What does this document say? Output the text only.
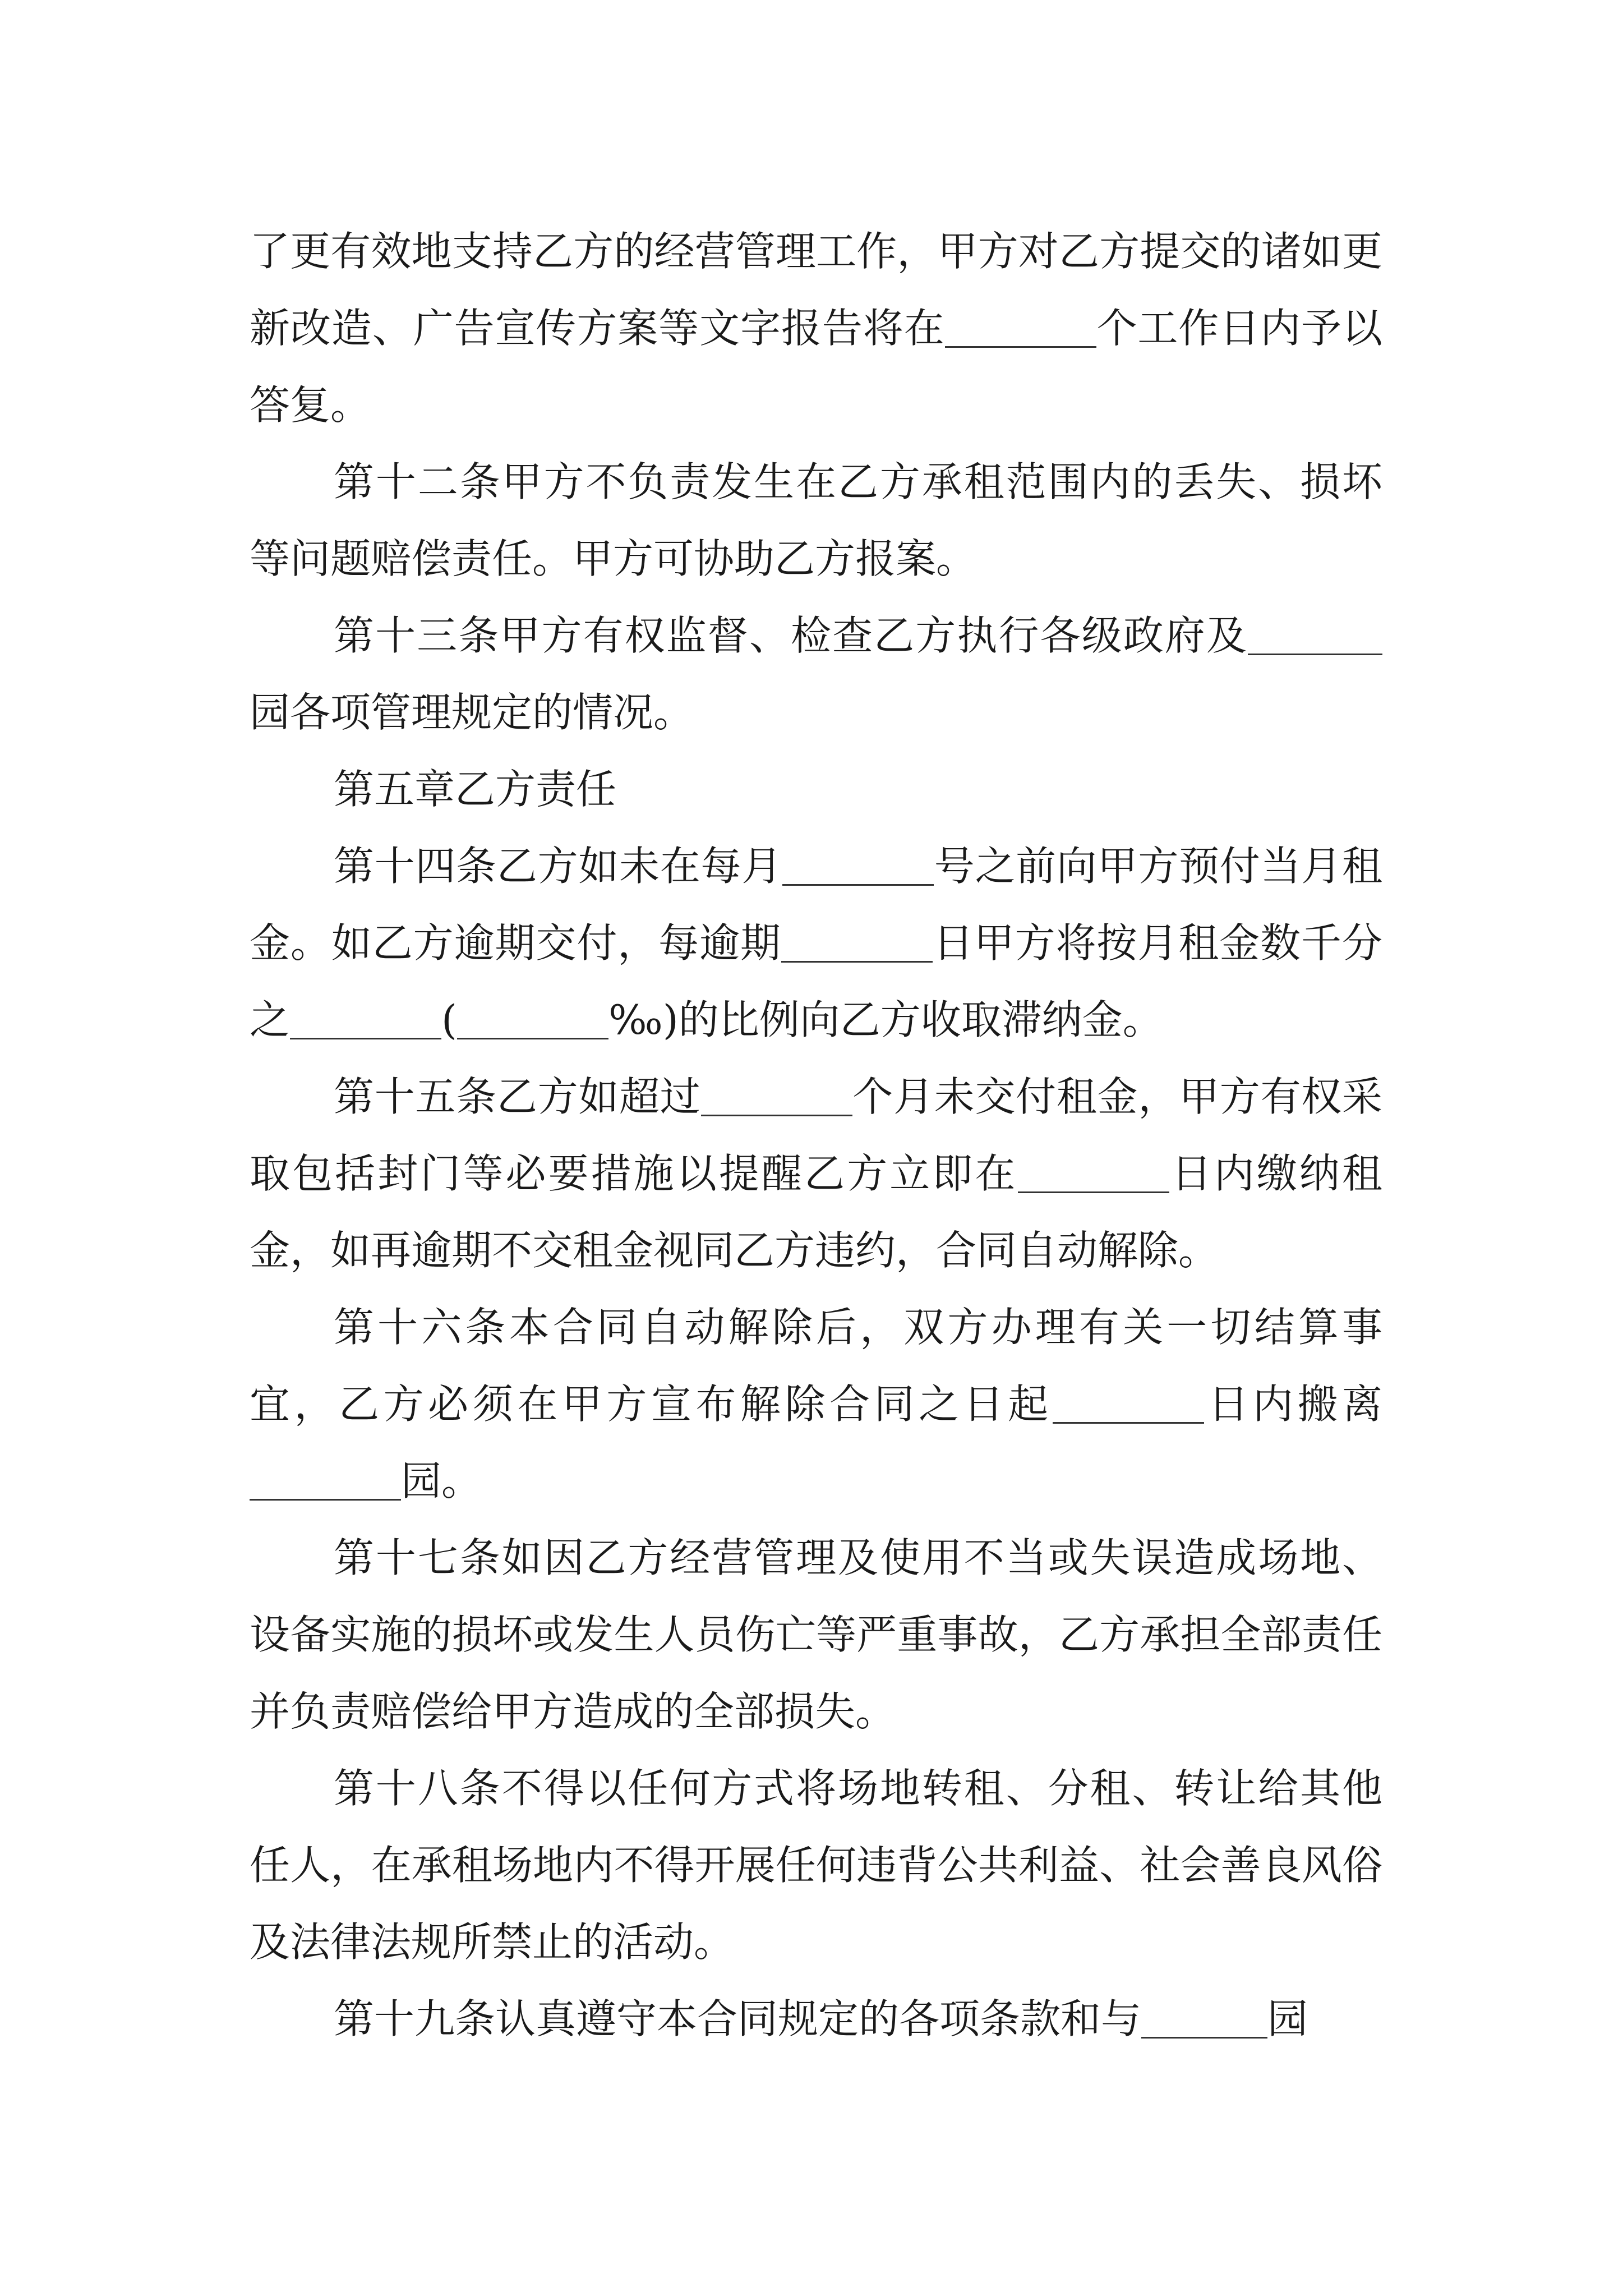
了更有效地支持乙方的经营管理工作，甲方对乙方提交的诸如更新改造、广告宣传方案等文字报告将在	个工作日内予以答复。

第十二条甲方不负责发生在乙方承租范围内的丢失、损坏等问题赔偿责任。甲方可协助乙方报案。

第十三条甲方有权监督、检查乙方执行各级政府及园各项管理规定的情况。

第五章乙方责任

第十四条乙方如未在每月	号之前向甲方预付当月租金。如乙方逾期交付，每逾期	日甲方将按月租金数千分之	(	‰)的比例向乙方收取滞纳金。

第十五条乙方如超过	个月未交付租金，甲方有权采取包括封门等必要措施以提醒乙方立即在	日内缴纳租金，如再逾期不交租金视同乙方违约，合同自动解除。

第十六条本合同自动解除后，双方办理有关一切结算事宜，乙方必须在甲方宣布解除合同之日起	日内搬离园。

第十七条如因乙方经营管理及使用不当或失误造成场地、设备实施的损坏或发生人员伤亡等严重事故，乙方承担全部责任并负责赔偿给甲方造成的全部损失。

第十八条不得以任何方式将场地转租、分租、转让给其他任人，在承租场地内不得开展任何违背公共利益、社会善良风俗及法律法规所禁止的活动。

第十九条认真遵守本合同规定的各项条款和与	园
